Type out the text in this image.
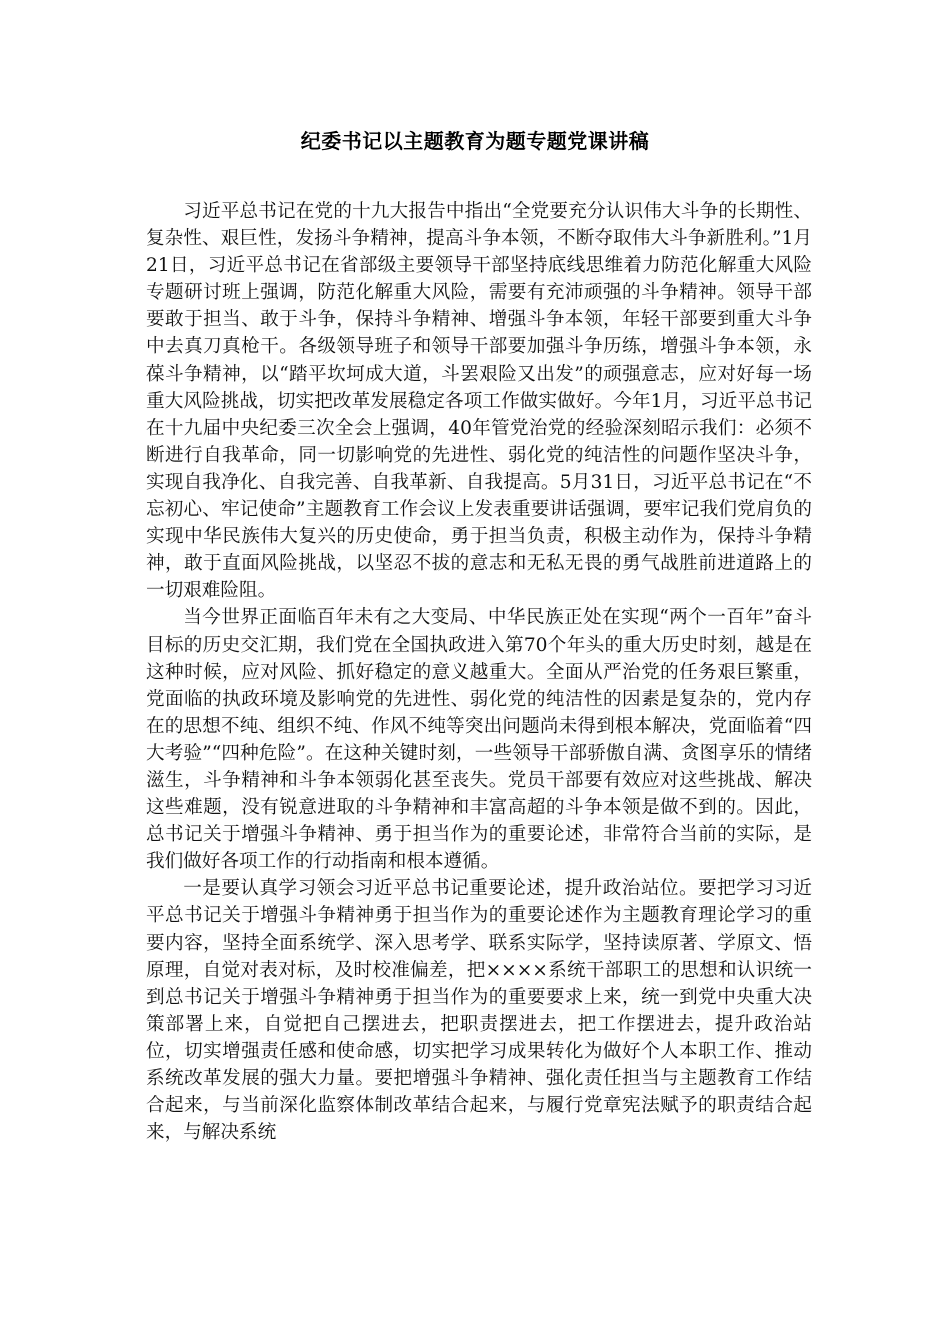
纪委书记以主题教育为题专题党课讲稿

习近平总书记在党的十九大报告中指出“全党要充分认识伟大斗争的长期性、复杂性、艰巨性，发扬斗争精神，提高斗争本领，不断夺取伟大斗争新胜利。”1月21日，习近平总书记在省部级主要领导干部坚持底线思维着力防范化解重大风险专题研讨班上强调，防范化解重大风险，需要有充沛顽强的斗争精神。领导干部要敢于担当、敢于斗争，保持斗争精神、增强斗争本领，年轻干部要到重大斗争中去真刀真枪干。各级领导班子和领导干部要加强斗争历练，增强斗争本领，永葆斗争精神，以“踏平坎坷成大道，斗罢艰险又出发”的顽强意志，应对好每一场重大风险挑战，切实把改革发展稳定各项工作做实做好。今年1月，习近平总书记在十九届中央纪委三次全会上强调，40年管党治党的经验深刻昭示我们：必须不断进行自我革命，同一切影响党的先进性、弱化党的纯洁性的问题作坚决斗争，实现自我净化、自我完善、自我革新、自我提高。5月31日，习近平总书记在“不忘初心、牢记使命”主题教育工作会议上发表重要讲话强调，要牢记我们党肩负的实现中华民族伟大复兴的历史使命，勇于担当负责，积极主动作为，保持斗争精神，敢于直面风险挑战，以坚忍不拔的意志和无私无畏的勇气战胜前进道路上的一切艰难险阻。

当今世界正面临百年未有之大变局、中华民族正处在实现“两个一百年”奋斗目标的历史交汇期，我们党在全国执政进入第70个年头的重大历史时刻，越是在这种时候，应对风险、抓好稳定的意义越重大。全面从严治党的任务艰巨繁重，党面临的执政环境及影响党的先进性、弱化党的纯洁性的因素是复杂的，党内存在的思想不纯、组织不纯、作风不纯等突出问题尚未得到根本解决，党面临着“四大考验”“四种危险”。在这种关键时刻，一些领导干部骄傲自满、贪图享乐的情绪滋生，斗争精神和斗争本领弱化甚至丧失。党员干部要有效应对这些挑战、解决这些难题，没有锐意进取的斗争精神和丰富高超的斗争本领是做不到的。因此，总书记关于增强斗争精神、勇于担当作为的重要论述，非常符合当前的实际，是我们做好各项工作的行动指南和根本遵循。

一是要认真学习领会习近平总书记重要论述，提升政治站位。要把学习习近平总书记关于增强斗争精神勇于担当作为的重要论述作为主题教育理论学习的重要内容，坚持全面系统学、深入思考学、联系实际学，坚持读原著、学原文、悟原理，自觉对表对标，及时校准偏差，把××××系统干部职工的思想和认识统一到总书记关于增强斗争精神勇于担当作为的重要要求上来，统一到党中央重大决策部署上来，自觉把自己摆进去，把职责摆进去，把工作摆进去，提升政治站位，切实增强责任感和使命感，切实把学习成果转化为做好个人本职工作、推动系统改革发展的强大力量。要把增强斗争精神、强化责任担当与主题教育工作结合起来，与当前深化监察体制改革结合起来，与履行党章宪法赋予的职责结合起来，与解决系统
